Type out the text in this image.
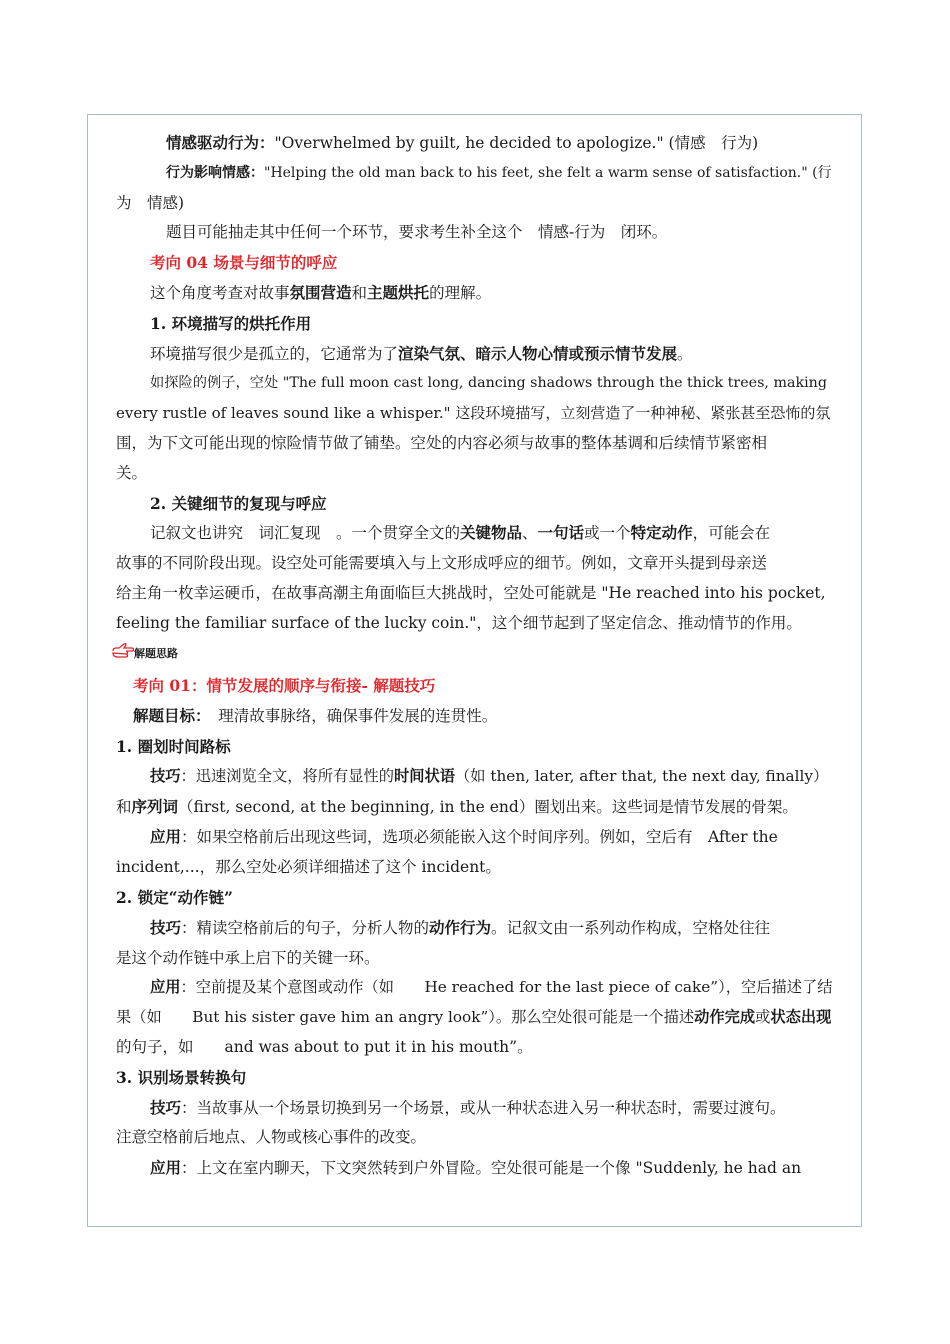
情感驱动行为："Overwhelmed by guilt, he decided to apologize." (情感　行为)
行为影响情感："Helping the old man back to his feet, she felt a warm sense of satisfaction." (行
为　情感)
题目可能抽走其中任何一个环节，要求考生补全这个　情感-行为　闭环。
考向 04 场景与细节的呼应
这个角度考查对故事氛围营造和主题烘托的理解。
1. 环境描写的烘托作用
环境描写很少是孤立的，它通常为了渲染气氛、暗示人物心情或预示情节发展。
如探险的例子，空处 "The full moon cast long, dancing shadows through the thick trees, making
every rustle of leaves sound like a whisper." 这段环境描写，立刻营造了一种神秘、紧张甚至恐怖的氛
围，为下文可能出现的惊险情节做了铺垫。空处的内容必须与故事的整体基调和后续情节紧密相
关。
2. 关键细节的复现与呼应
记叙文也讲究　词汇复现　。一个贯穿全文的关键物品、一句话或一个特定动作，可能会在
故事的不同阶段出现。设空处可能需要填入与上文形成呼应的细节。例如，文章开头提到母亲送
给主角一枚幸运硬币，在故事高潮主角面临巨大挑战时，空处可能就是 "He reached into his pocket,
feeling the familiar surface of the lucky coin."，这个细节起到了坚定信念、推动情节的作用。
解题思路
考向 01：情节发展的顺序与衔接- 解题技巧
解题目标：　理清故事脉络，确保事件发展的连贯性。
1. 圈划时间路标
技巧：迅速浏览全文，将所有显性的时间状语（如 then, later, after that, the next day, finally）
和序列词（first, second, at the beginning, in the end）圈划出来。这些词是情节发展的骨架。
应用：如果空格前后出现这些词，选项必须能嵌入这个时间序列。例如，空后有　After the
incident,...，那么空处必须详细描述了这个 incident。
2. 锁定“动作链”
技巧：精读空格前后的句子，分析人物的动作行为。记叙文由一系列动作构成，空格处往往
是这个动作链中承上启下的关键一环。
应用：空前提及某个意图或动作（如　　He reached for the last piece of cake”），空后描述了结
果（如　　But his sister gave him an angry look”）。那么空处很可能是一个描述动作完成或状态出现
的句子，如　　and was about to put it in his mouth”。
3. 识别场景转换句
技巧：当故事从一个场景切换到另一个场景，或从一种状态进入另一种状态时，需要过渡句。
注意空格前后地点、人物或核心事件的改变。
应用：上文在室内聊天，下文突然转到户外冒险。空处很可能是一个像 "Suddenly, he had an
